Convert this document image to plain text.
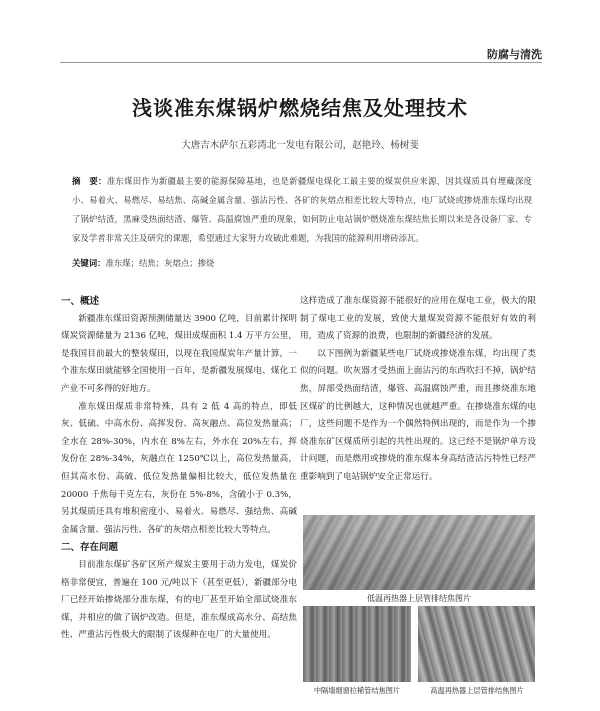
防腐与清洗
浅谈准东煤锅炉燃烧结焦及处理技术
大唐吉木萨尔五彩湾北一发电有限公司，赵艳玲、杨树斐

摘　要：准东煤田作为新疆最主要的能源保障基地，也是新疆煤电煤化工最主要的煤炭供应来源，因其煤质具有埋藏深度小、易着火、易燃尽、易结焦、高碱金属含量、强沾污性、各矿的灰熔点相差比较大等特点，电厂试烧或掺烧准东煤均出现了锅炉结渣，黑麻受热面结渣、爆管、高温腐蚀严重的现象，如何防止电站锅炉燃烧准东煤结焦长期以来是各设备厂家、专家及学者非常关注及研究的课题，希望通过大家努力攻破此难题，为我国的能源利用增砖添瓦。

关键词：准东煤；结焦；灰熔点；掺烧

一、概述

新疆准东煤田资源预测储量达 3900 亿吨，目前累计探明煤炭资源储量为 2136 亿吨，煤田成煤面积 1.4 万平方公里，是我国目前最大的整装煤田，以现在我国煤炭年产量计算，一个准东煤田就能够全国使用一百年，是新疆发展煤电、煤化工产业不可多得的好地方。

准东煤田煤质非常特殊，具有 2 低 4 高的特点，即低灰、低硫、中高水份、高挥发份、高灰融点、高位发热量高；全水在 28%-30%，内水在 8%左右，外水在 20%左右，挥发份在 28%-34%，灰融点在 1250℃以上，高位发热量高，但其高水份、高硫、低位发热量偏相比较大，低位发热量在 20000 千焦每千克左右，灰份在 5%-8%，含硫小于 0.3%，另其煤质还具有堆积密度小、易着火、易燃尽、强结焦、高碱金属含量、强沾污性、各矿的灰熔点相差比较大等特点。

二、存在问题

目前准东煤矿各矿区所产煤炭主要用于动力发电，煤炭价格非常便宜，普遍在 100 元/吨以下（甚至更低），新疆部分电厂已经开始掺烧部分准东煤，有的电厂甚至开始全部试烧准东煤，并相应的做了锅炉改造。但是，准东煤成高水分、高结焦性、严重沾污性极大的限制了该煤种在电厂的大量使用。

这样造成了准东煤资源不能很好的应用在煤电工业，极大的限制了煤电工业的发展，致使大量煤炭资源不能很好有效的利用，造成了资源的浪费，也限制的新疆经济的发展。

以下图例为新疆某些电厂试烧或掺烧准东煤，均出现了类似的问题。吹灰器才受热面上面沾污的东西吹扫不掉，锅炉结焦，屏部受热面结渣，爆管、高温腐蚀严重，而且掺烧准东地区煤矿的比例越大，这种情况也就越严重。在掺烧准东煤的电厂，这些问题不是作为一个偶然特例出现的，而是作为一个掺烧准东矿区煤质所引起的共性出现的。这已经不是锅炉单方设计问题，而是燃用或掺烧的准东煤本身高结渣沾污特性已经严重影响到了电站锅炉安全正常运行。

低温再热器上层管排结焦图片
中隔墙烟窗拉稀管结焦图片	高温再热器上层管排结焦图片
